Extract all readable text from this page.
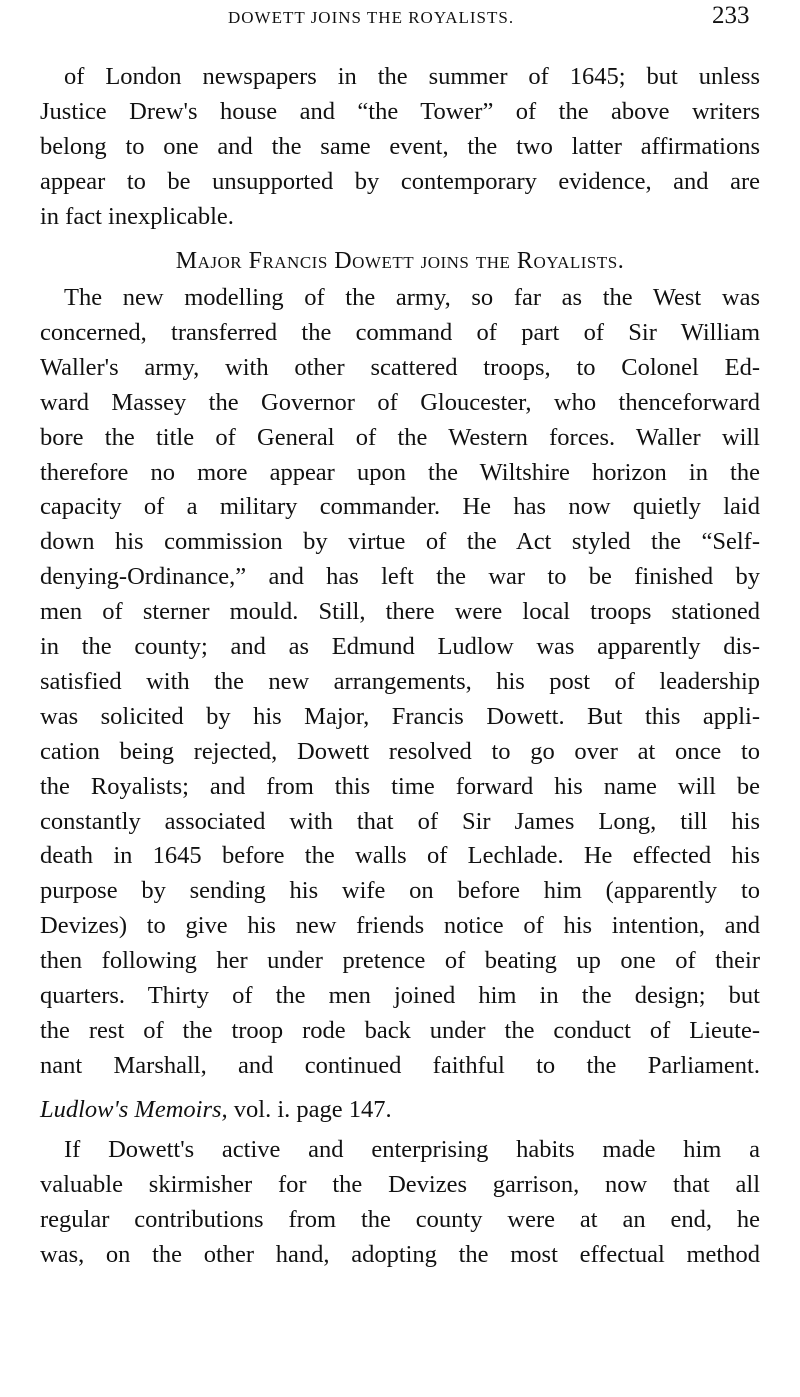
DOWETT JOINS THE ROYALISTS.	233
Major Francis Dowett joins the Royalists.
Ludlow's Memoirs, vol. i. page 147.
of London newspapers in the summer of 1645; but unless
Justice Drew's house and “the Tower” of the above writers
belong to one and the same event, the two latter affirmations
appear to be unsupported by contemporary evidence, and are
in fact inexplicable.
The new modelling of the army, so far as the West was
concerned, transferred the command of part of Sir William
Waller's army, with other scattered troops, to Colonel Ed-
ward Massey the Governor of Gloucester, who thenceforward
bore the title of General of the Western forces. Waller will
therefore no more appear upon the Wiltshire horizon in the
capacity of a military commander. He has now quietly laid
down his commission by virtue of the Act styled the “Self-
denying-Ordinance,” and has left the war to be finished by
men of sterner mould. Still, there were local troops stationed
in the county; and as Edmund Ludlow was apparently dis-
satisfied with the new arrangements, his post of leadership
was solicited by his Major, Francis Dowett. But this appli-
cation being rejected, Dowett resolved to go over at once to
the Royalists; and from this time forward his name will be
constantly associated with that of Sir James Long, till his
death in 1645 before the walls of Lechlade. He effected his
purpose by sending his wife on before him (apparently to
Devizes) to give his new friends notice of his intention, and
then following her under pretence of beating up one of their
quarters. Thirty of the men joined him in the design; but
the rest of the troop rode back under the conduct of Lieute-
nant Marshall, and continued faithful to the Parliament.
If Dowett's active and enterprising habits made him a
valuable skirmisher for the Devizes garrison, now that all
regular contributions from the county were at an end, he
was, on the other hand, adopting the most effectual method
